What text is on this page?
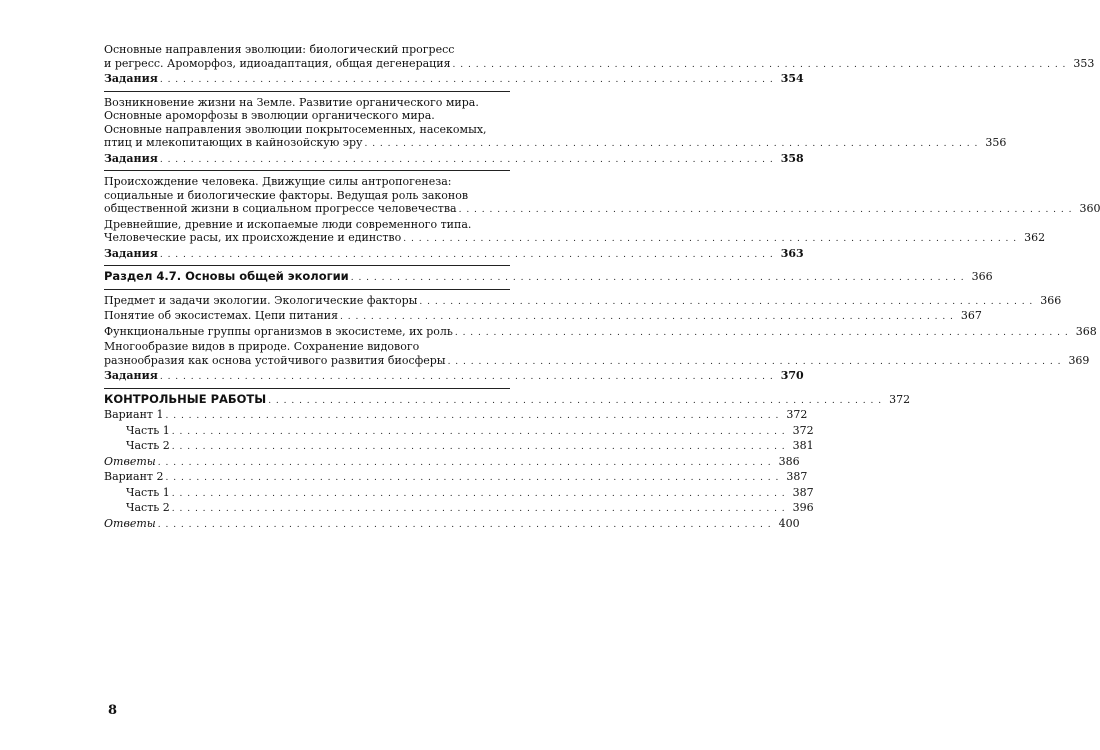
Основные направления эволюции: биологический прогресс
и регресс. Ароморфоз, идиоадаптация, общая дегенерация . . . . . . . . . . . . . . . . . . . . . . . . . . . . . . . . . . . . . . . . . . . . . . . . . . . . . . . . . . . . . . . . . . . . . . . . . . . . . . . . 353
Задания . . . . . . . . . . . . . . . . . . . . . . . . . . . . . . . . . . . . . . . . . . . . . . . . . . . . . . . . . . . . . . . . . . . . . . . . . . . . . . . . 354
Возникновение жизни на Земле. Развитие органического мира.
Основные ароморфозы в эволюции органического мира.
Основные направления эволюции покрытосеменных, насекомых,
птиц и млекопитающих в кайнозойскую эру . . . . . . . . . . . . . . . . . . . . . . . . . . . . . . . . . . . . . . . . . . . . . . . . . . . . . . . . . . . . . . . . . . . . . . . . . . . . . . . . 356
Задания . . . . . . . . . . . . . . . . . . . . . . . . . . . . . . . . . . . . . . . . . . . . . . . . . . . . . . . . . . . . . . . . . . . . . . . . . . . . . . . . 358
Происхождение человека. Движущие силы антропогенеза:
социальные и биологические факторы. Ведущая роль законов
общественной жизни в социальном прогрессе человечества . . . . . . . . . . . . . . . . . . . . . . . . . . . . . . . . . . . . . . . . . . . . . . . . . . . . . . . . . . . . . . . . . . . . . . . . . . . . . . . . 360
Древнейшие, древние и ископаемые люди современного типа.
Человеческие расы, их происхождение и единство . . . . . . . . . . . . . . . . . . . . . . . . . . . . . . . . . . . . . . . . . . . . . . . . . . . . . . . . . . . . . . . . . . . . . . . . . . . . . . . . 362
Задания . . . . . . . . . . . . . . . . . . . . . . . . . . . . . . . . . . . . . . . . . . . . . . . . . . . . . . . . . . . . . . . . . . . . . . . . . . . . . . . . 363
Раздел 4.7. Основы общей экологии . . . . . . . . . . . . . . . . . . . . . . . . . . . . . . . . . . . . . . . . . . . . . . . . . . . . . . . . . . . . . . . . . . . . . . . . . . . . . . . . 366
Предмет и задачи экологии. Экологические факторы . . . . . . . . . . . . . . . . . . . . . . . . . . . . . . . . . . . . . . . . . . . . . . . . . . . . . . . . . . . . . . . . . . . . . . . . . . . . . . . . 366
Понятие об экосистемах. Цепи питания . . . . . . . . . . . . . . . . . . . . . . . . . . . . . . . . . . . . . . . . . . . . . . . . . . . . . . . . . . . . . . . . . . . . . . . . . . . . . . . . 367
Функциональные группы организмов в экосистеме, их роль . . . . . . . . . . . . . . . . . . . . . . . . . . . . . . . . . . . . . . . . . . . . . . . . . . . . . . . . . . . . . . . . . . . . . . . . . . . . . . . . 368
Многообразие видов в природе. Сохранение видового
разнообразия как основа устойчивого развития биосферы . . . . . . . . . . . . . . . . . . . . . . . . . . . . . . . . . . . . . . . . . . . . . . . . . . . . . . . . . . . . . . . . . . . . . . . . . . . . . . . . 369
Задания . . . . . . . . . . . . . . . . . . . . . . . . . . . . . . . . . . . . . . . . . . . . . . . . . . . . . . . . . . . . . . . . . . . . . . . . . . . . . . . . 370
КОНТРОЛЬНЫЕ РАБОТЫ . . . . . . . . . . . . . . . . . . . . . . . . . . . . . . . . . . . . . . . . . . . . . . . . . . . . . . . . . . . . . . . . . . . . . . . . . . . . . . . . 372
Вариант 1 . . . . . . . . . . . . . . . . . . . . . . . . . . . . . . . . . . . . . . . . . . . . . . . . . . . . . . . . . . . . . . . . . . . . . . . . . . . . . . . . 372
Часть 1 . . . . . . . . . . . . . . . . . . . . . . . . . . . . . . . . . . . . . . . . . . . . . . . . . . . . . . . . . . . . . . . . . . . . . . . . . . . . . . . . 372
Часть 2 . . . . . . . . . . . . . . . . . . . . . . . . . . . . . . . . . . . . . . . . . . . . . . . . . . . . . . . . . . . . . . . . . . . . . . . . . . . . . . . . 381
Ответы . . . . . . . . . . . . . . . . . . . . . . . . . . . . . . . . . . . . . . . . . . . . . . . . . . . . . . . . . . . . . . . . . . . . . . . . . . . . . . . . 386
Вариант 2 . . . . . . . . . . . . . . . . . . . . . . . . . . . . . . . . . . . . . . . . . . . . . . . . . . . . . . . . . . . . . . . . . . . . . . . . . . . . . . . . 387
Часть 1 . . . . . . . . . . . . . . . . . . . . . . . . . . . . . . . . . . . . . . . . . . . . . . . . . . . . . . . . . . . . . . . . . . . . . . . . . . . . . . . . 387
Часть 2 . . . . . . . . . . . . . . . . . . . . . . . . . . . . . . . . . . . . . . . . . . . . . . . . . . . . . . . . . . . . . . . . . . . . . . . . . . . . . . . . 396
Ответы . . . . . . . . . . . . . . . . . . . . . . . . . . . . . . . . . . . . . . . . . . . . . . . . . . . . . . . . . . . . . . . . . . . . . . . . . . . . . . . . 400
8
